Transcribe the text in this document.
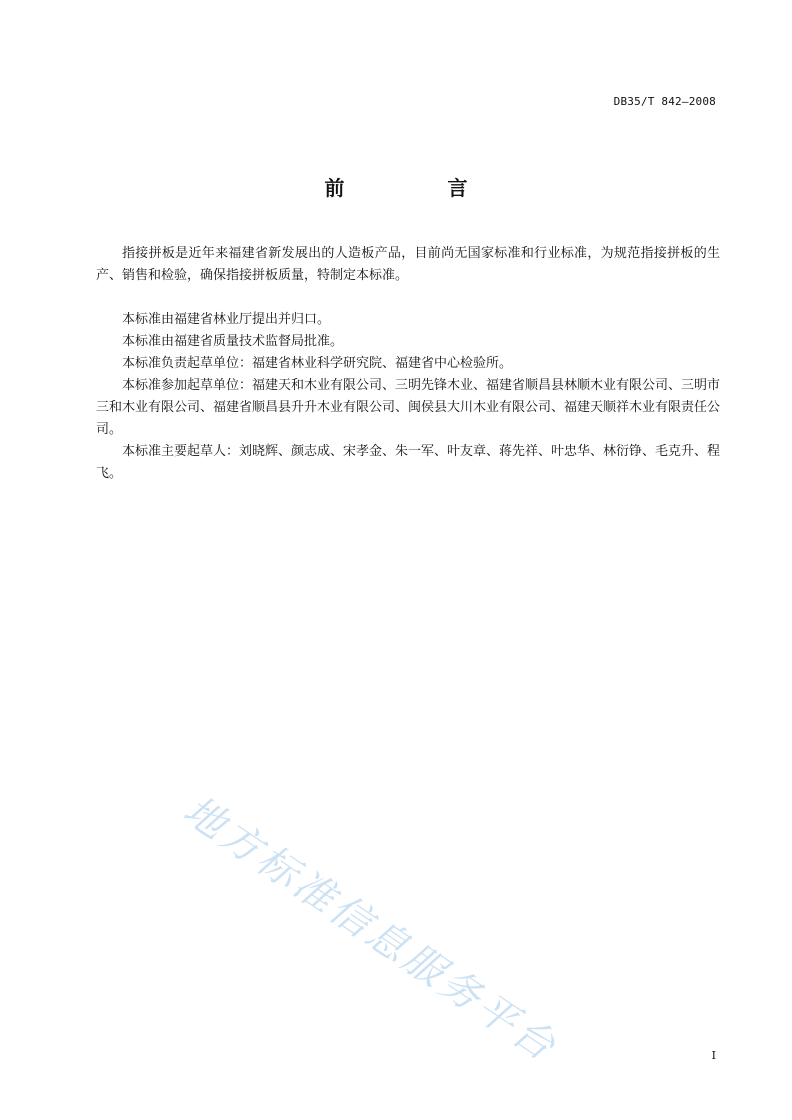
DB35/T 842—2008
前 言

指接拼板是近年来福建省新发展出的人造板产品，目前尚无国家标准和行业标准，为规范指接拼板的生产、销售和检验，确保指接拼板质量，特制定本标准。

本标准由福建省林业厅提出并归口。

本标准由福建省质量技术监督局批准。

本标准负责起草单位：福建省林业科学研究院、福建省中心检验所。

本标准参加起草单位：福建天和木业有限公司、三明先锋木业、福建省顺昌县林顺木业有限公司、三明市三和木业有限公司、福建省顺昌县升升木业有限公司、闽侯县大川木业有限公司、福建天顺祥木业有限责任公司。

本标准主要起草人：刘晓辉、颜志成、宋孝金、朱一军、叶友章、蒋先祥、叶忠华、林衍铮、毛克升、程飞。

地方标准信息服务平台	I
